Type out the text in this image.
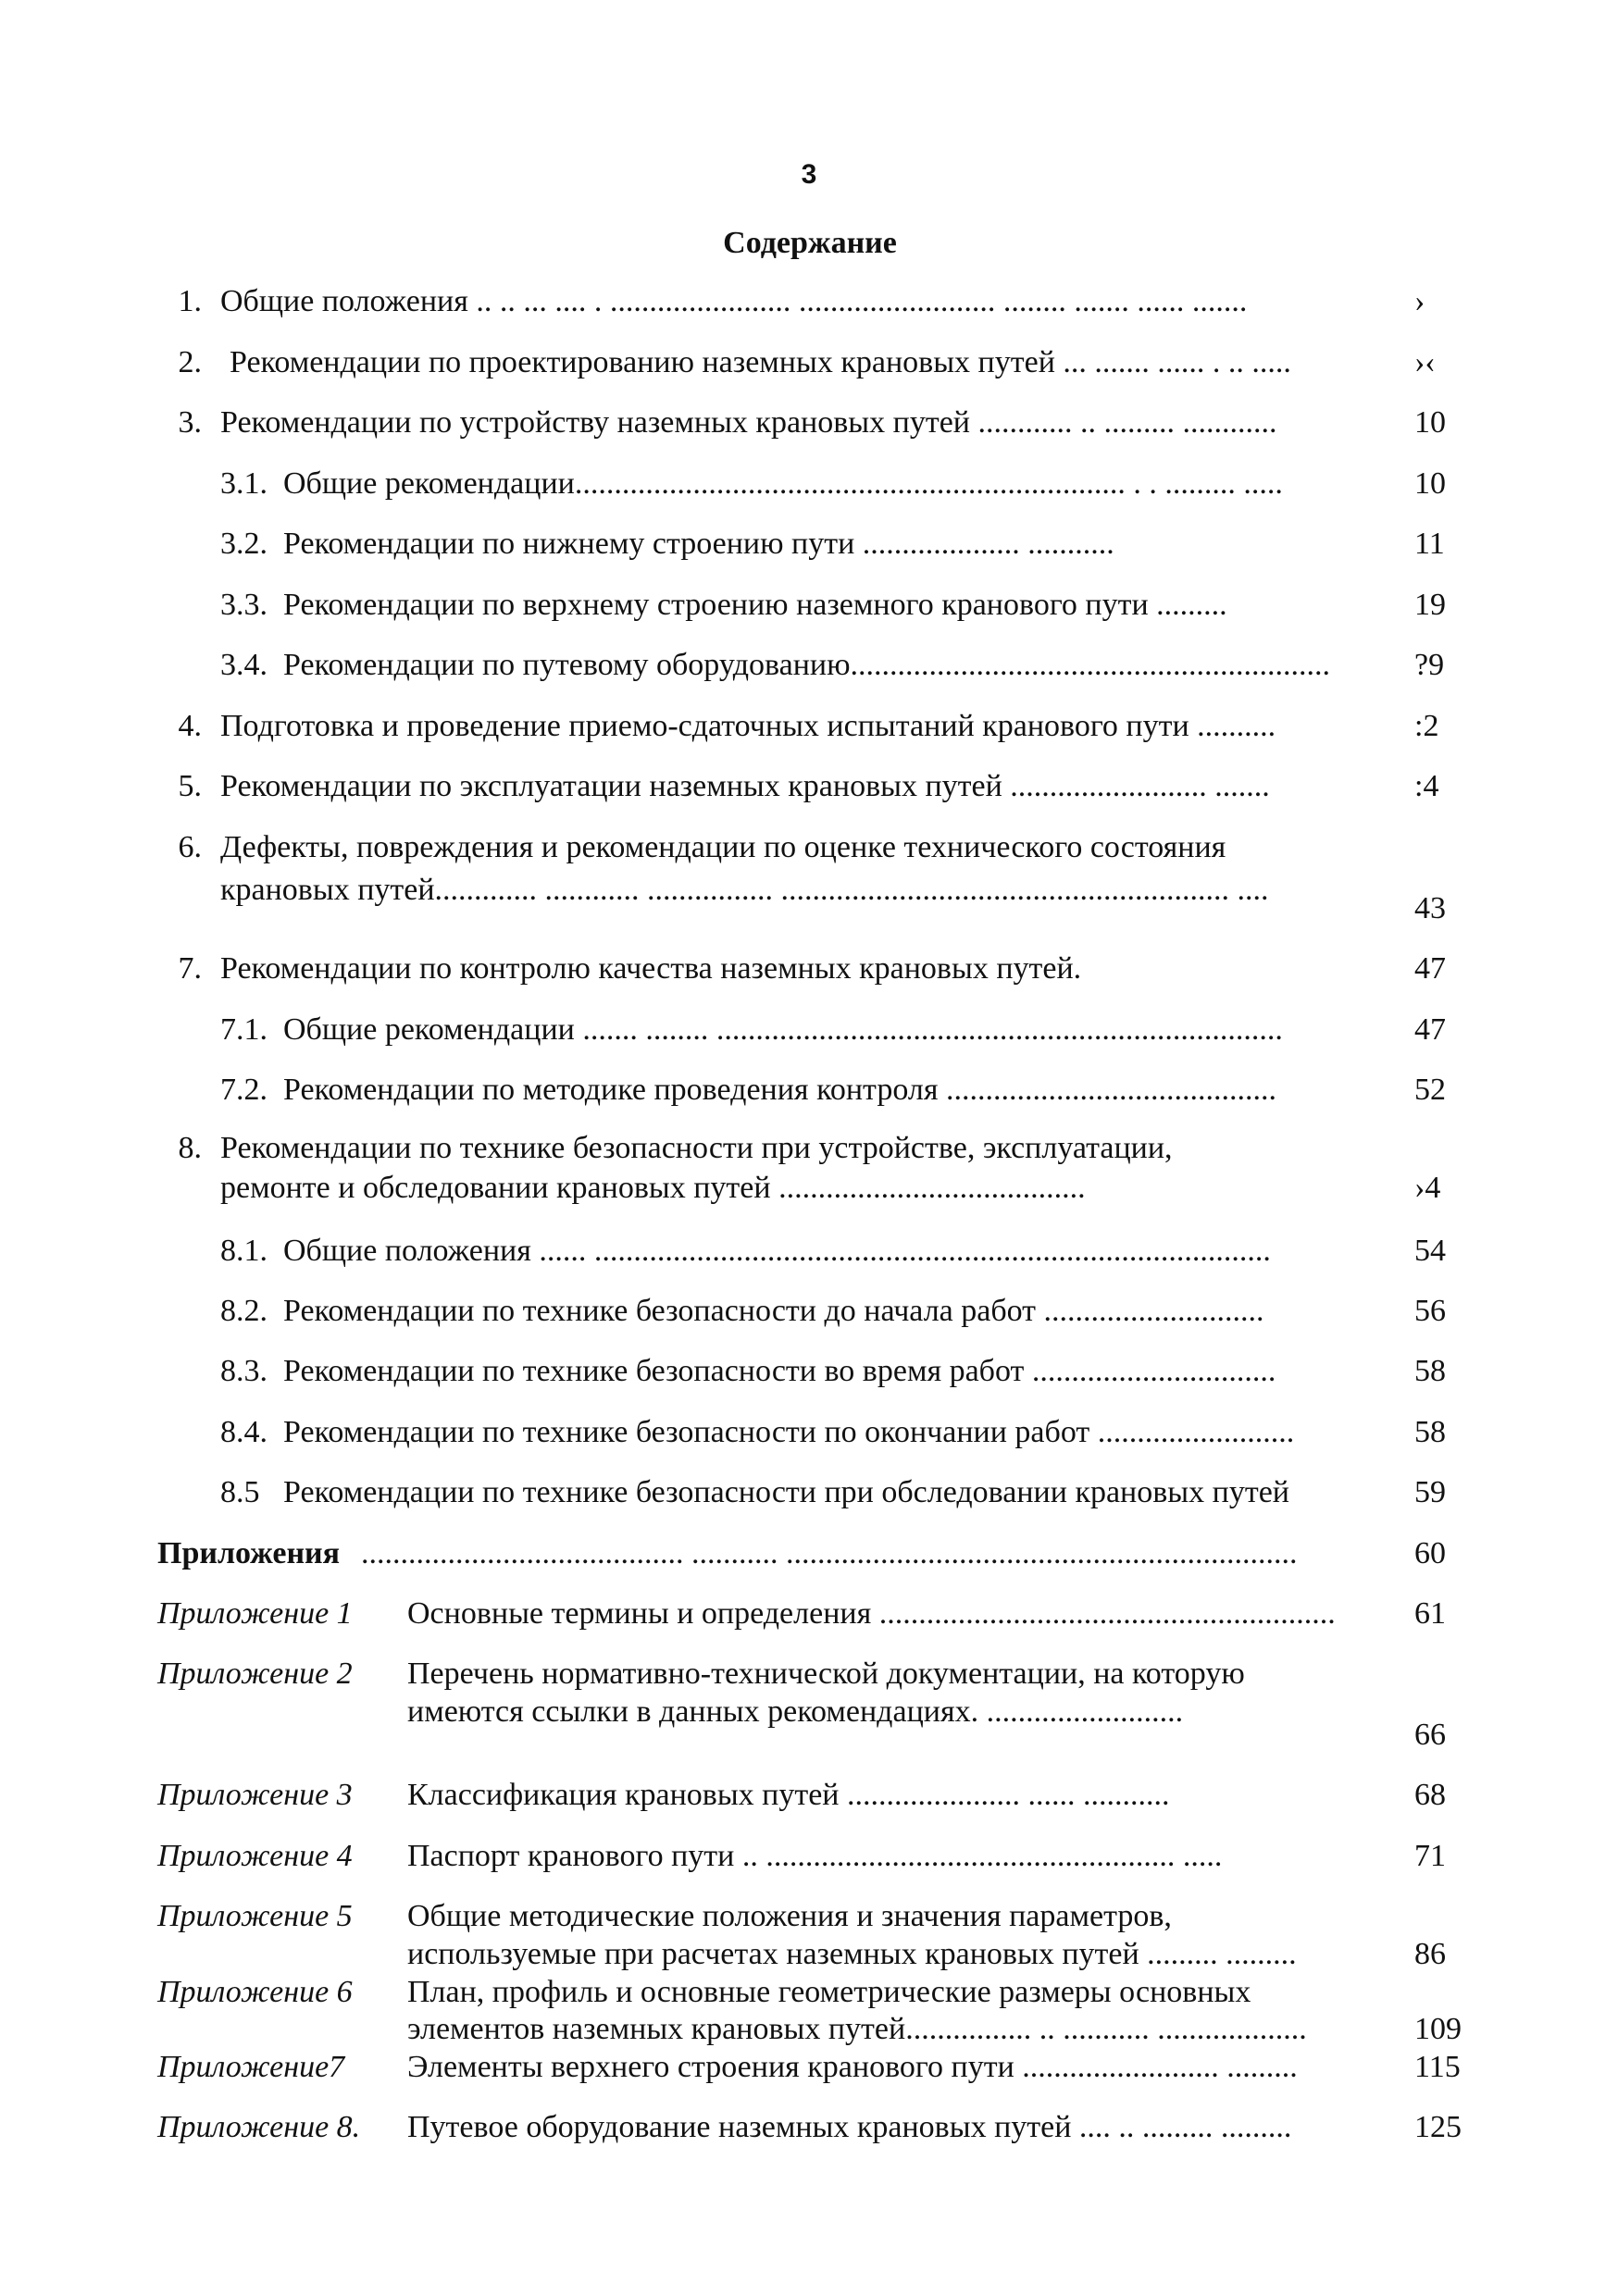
3
Содержание
1. Общие положения .. .. ... .... . ....................... ......................... ........ ....... ...... .......	›
2. Рекомендации по проектированию наземных крановых путей ... ....... ...... . .. .....	›‹
3. Рекомендации по устройству наземных крановых путей ............ .. ......... ............	10
3.1. Общие рекомендации...................................................................... . . ......... .....	10
3.2. Рекомендации по нижнему строению пути .................... ...........	11
3.3. Рекомендации по верхнему строению наземного кранового пути .........	19
3.4. Рекомендации по путевому оборудованию.............................................................	?9
4. Подготовка и проведение приемо-сдаточных испытаний кранового пути ..........	:2
5. Рекомендации по эксплуатации наземных крановых путей ......................... .......	:4
6. Дефекты, повреждения и рекомендации по оценке технического состояния
крановых путей............. ............ ................ ......................................................... ....
43
7. Рекомендации по контролю качества наземных крановых путей.	47
7.1. Общие рекомендации ....... ........ ........................................................................	47
7.2. Рекомендации по методике проведения контроля ..........................................	52
8. Рекомендации по технике безопасности при устройстве, эксплуатации,
ремонте и обследовании крановых путей .......................................	›4
8.1. Общие положения ...... ......................................................................................	54
8.2. Рекомендации по технике безопасности до начала работ ............................	56
8.3. Рекомендации по технике безопасности во время работ ...............................	58
8.4. Рекомендации по технике безопасности по окончании работ .........................	58
8.5 Рекомендации по технике безопасности при обследовании крановых путей	59
Приложения ......................................... ........... .................................................................	60
Приложение 1 Основные термины и определения ..........................................................	61
Приложение 2 Перечень нормативно-технической документации, на которую
имеются ссылки в данных рекомендациях. .........................
66
Приложение 3 Классификация крановых путей ...................... ...... ...........	68
Приложение 4 Паспорт кранового пути .. .................................................... .....	71
Приложение 5 Общие методические положения и значения параметров,
используемые при расчетах наземных крановых путей ......... .........	86
Приложение 6 План, профиль и основные геометрические размеры основных
элементов наземных крановых путей................ .. ........... ...................	109
Приложение7 Элементы верхнего строения кранового пути ......................... .........	115
Приложение 8. Путевое оборудование наземных крановых путей .... .. ......... .........	125
